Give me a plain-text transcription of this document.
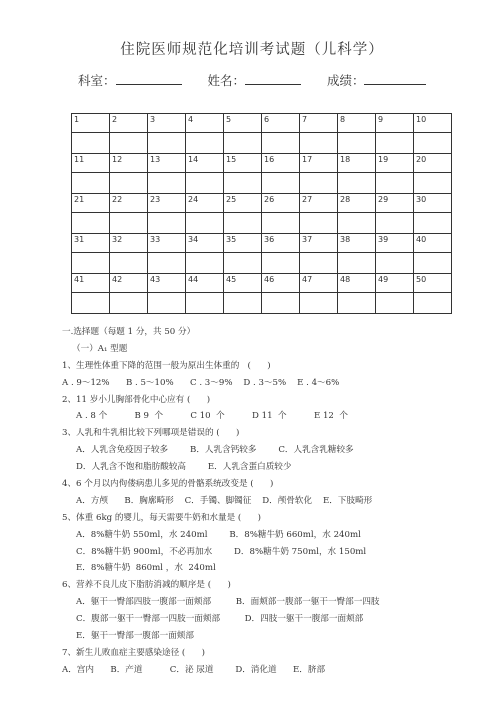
住院医师规范化培训考试题（儿科学）
科室：	姓名：	成绩：
1	2	3	4	5	6	7	8	9	10

11	12	13	14	15	16	17	18	19	20

21	22	23	24	25	26	27	28	29	30

31	32	33	34	35	36	37	38	39	40

41	42	43	44	45	46	47	48	49	50

一.选择题（每题 1 分，共 50 分）
（一）A₁ 型题
1、生理性体重下降的范围一般为原出生体重的   (      )
A . 9～12%      B . 5～10%      C . 3～9%    D . 3～5%    E . 4～6%
2、11 岁小儿胸部骨化中心应有 (      )
A . 8 个          B 9  个          C 10  个          D 11  个          E 12  个
3、人乳和牛乳相比较下列哪项是错误的 (      )
A．人乳含免疫因子较多        B．人乳含钙较多        C．人乳含乳糖较多
D．人乳含不饱和脂肪酸较高        E．人乳含蛋白质较少
4、6 个月以内佝偻病患儿多见的骨骼系统改变是 (      )
A．方颅      B．胸廓畸形    C．手镯、脚镯征    D．颅骨软化    E．下肢畸形
5、体重 6kg 的婴儿，每天需要牛奶和水量是 (      )
A．8%糖牛奶 550ml，水 240ml        B．8%糖牛奶 660ml，水 240ml
C．8%糖牛奶 900ml，不必再加水        D．8%糖牛奶 750ml，水 150ml
E．8%糖牛奶  860ml ，水  240ml
6、营养不良儿皮下脂肪消减的顺序是 (      )
A．躯干一臀部四肢一腹部一面颊部         B．面颊部一腹部一躯干一臀部一四肢
C．腹部一躯干一臀部一四肢一面颊部         D．四肢一躯干一腹部一面颊部
E．躯干一臀部一腹部一面颊部
7、新生儿败血症主要感染途径 (      )
A．宫内      B．产道          C．泌 尿道        D．消化道      E．脐部
